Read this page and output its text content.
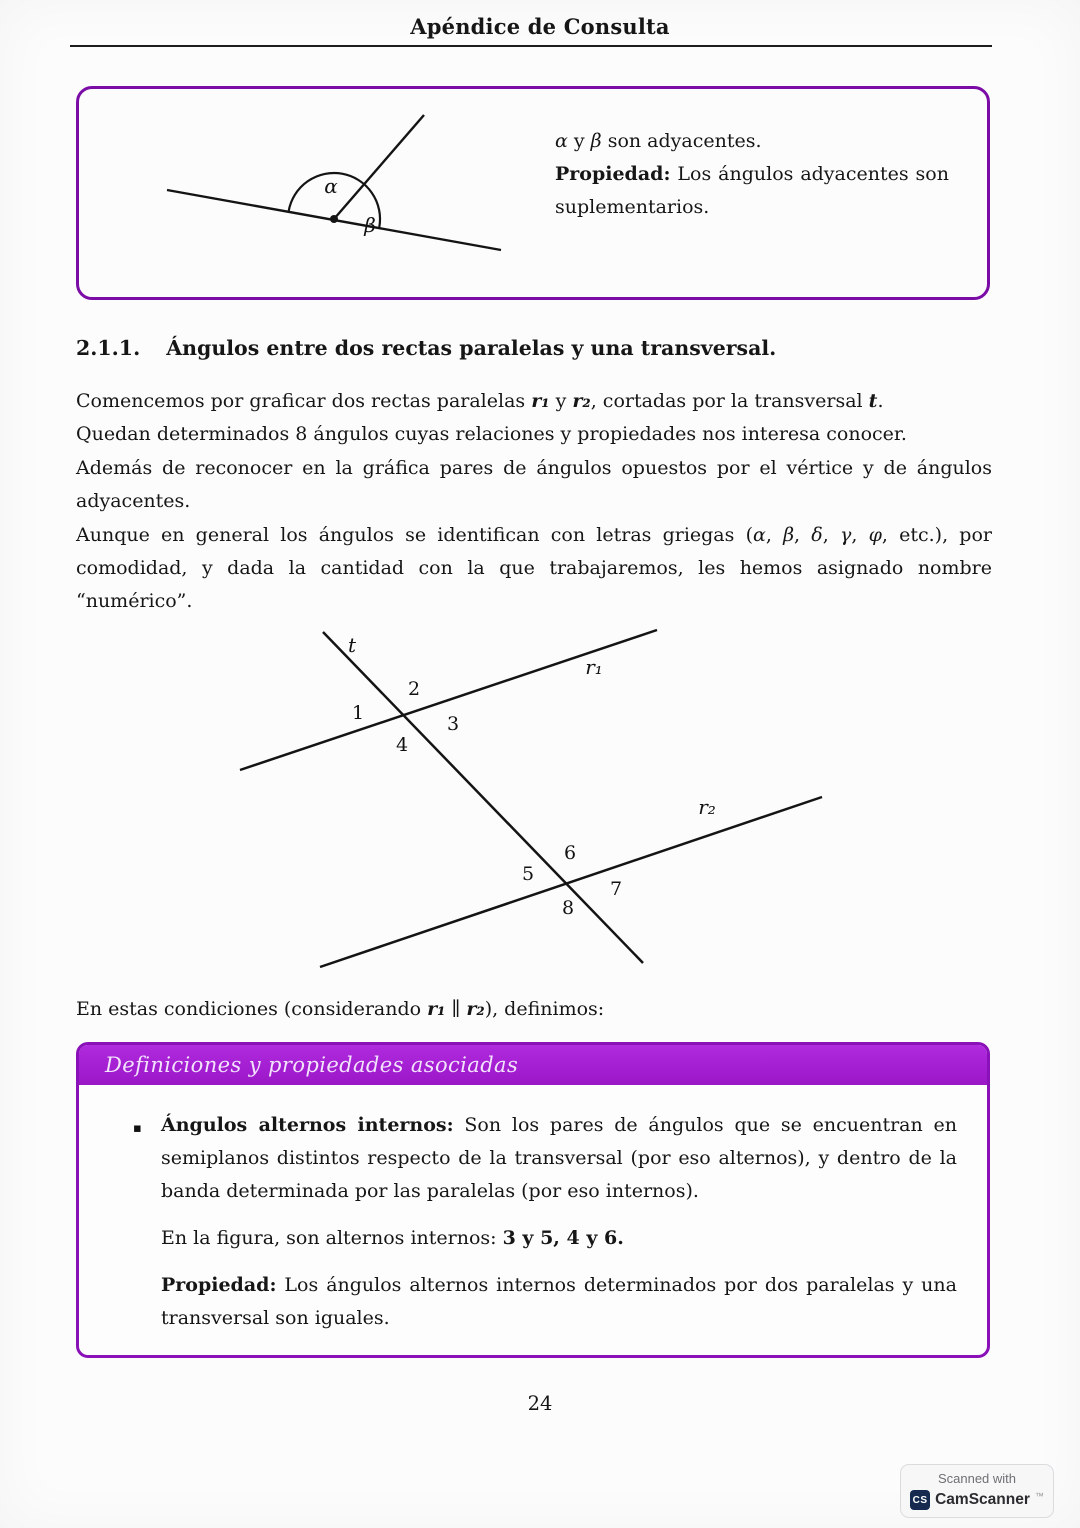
Apéndice de Consulta
α
β
α y β son adyacentes.
Propiedad: Los ángulos adyacentes son suplementarios.
2.1.1. Ángulos entre dos rectas paralelas y una transversal.

Comencemos por graficar dos rectas paralelas r₁ y r₂, cortadas por la transversal t.

Quedan determinados 8 ángulos cuyas relaciones y propiedades nos interesa conocer.

Además de reconocer en la gráfica pares de ángulos opuestos por el vértice y de ángulos adyacentes.

Aunque en general los ángulos se identifican con letras griegas (α, β, δ, γ, φ, etc.), por comodidad, y dada la cantidad con la que trabajaremos, les hemos asignado nombre “numérico”.

t
r₁
r₂
1
2
3
4
5
6
7
8

En estas condiciones (considerando r₁ ∥ r₂), definimos:

Definiciones y propiedades asociadas
▪	Ángulos alternos internos: Son los pares de ángulos que se encuentran en semiplanos distintos respecto de la transversal (por eso alternos), y dentro de la banda determinada por las paralelas (por eso internos).

En la figura, son alternos internos: 3 y 5, 4 y 6.

Propiedad: Los ángulos alternos internos determinados por dos paralelas y una transversal son iguales.

24
Scanned with
CS CamScanner ™
